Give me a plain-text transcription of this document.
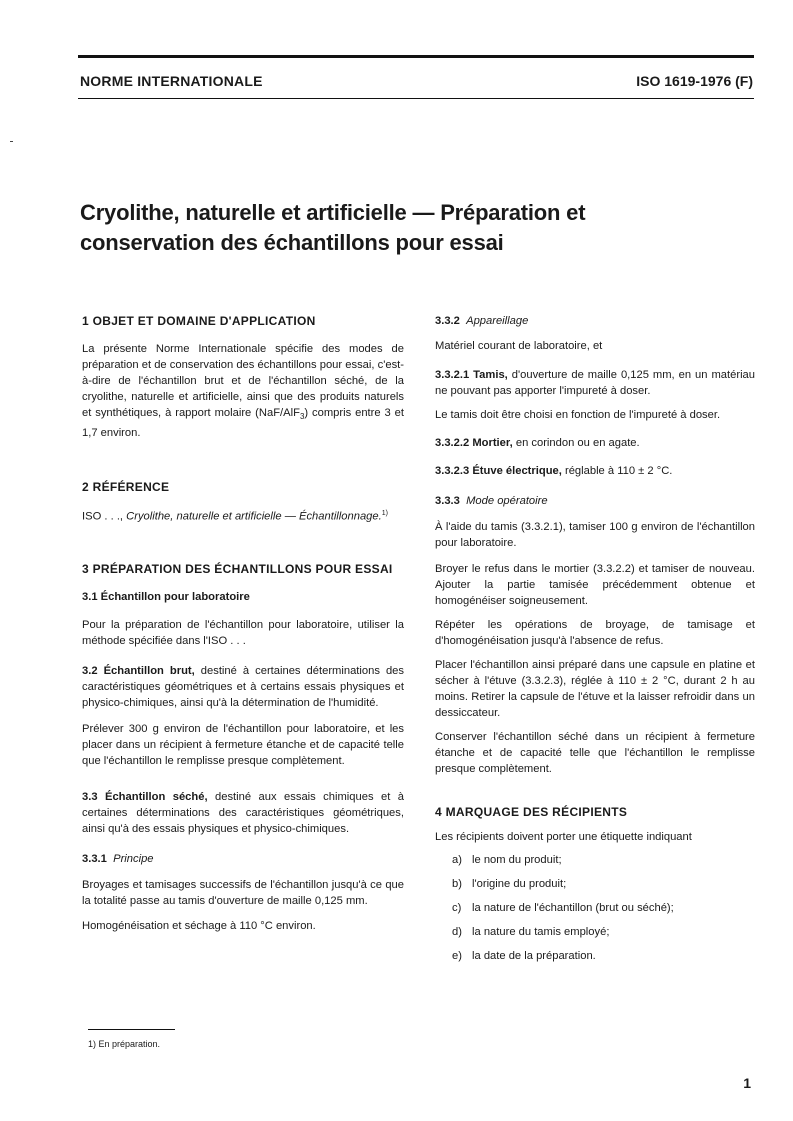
NORME INTERNATIONALE	ISO 1619-1976 (F)
Cryolithe, naturelle et artificielle — Préparation et
conservation des échantillons pour essai
1 OBJET ET DOMAINE D'APPLICATION

La présente Norme Internationale spécifie des modes de préparation et de conservation des échantillons pour essai, c'est-à-dire de l'échantillon brut et de l'échantillon séché, de la cryolithe, naturelle et artificielle, ainsi que des produits naturels et synthétiques, à rapport molaire (NaF/AlF$_3$) compris entre 3 et 1,7 environ.

2 RÉFÉRENCE

ISO . . ., Cryolithe, naturelle et artificielle — Échantillonnage.$^{1)}$

3 PRÉPARATION DES ÉCHANTILLONS POUR ESSAI
3.1 Échantillon pour laboratoire

Pour la préparation de l'échantillon pour laboratoire, utiliser la méthode spécifiée dans l'ISO . . .

3.2 Échantillon brut, destiné à certaines déterminations des caractéristiques géométriques et à certains essais physiques et physico-chimiques, ainsi qu'à la détermination de l'humidité.

Prélever 300 g environ de l'échantillon pour laboratoire, et les placer dans un récipient à fermeture étanche et de capacité telle que l'échantillon le remplisse presque complètement.

3.3 Échantillon séché, destiné aux essais chimiques et à certaines déterminations des caractéristiques géométriques, ainsi qu'à des essais physiques et physico-chimiques.

3.3.1 Principe

Broyages et tamisages successifs de l'échantillon jusqu'à ce que la totalité passe au tamis d'ouverture de maille 0,125 mm.

Homogénéisation et séchage à 110 °C environ.

3.3.2 Appareillage

Matériel courant de laboratoire, et

3.3.2.1 Tamis, d'ouverture de maille 0,125 mm, en un matériau ne pouvant pas apporter l'impureté à doser.

Le tamis doit être choisi en fonction de l'impureté à doser.

3.3.2.2 Mortier, en corindon ou en agate.

3.3.2.3 Étuve électrique, réglable à 110 ± 2 °C.

3.3.3 Mode opératoire

À l'aide du tamis (3.3.2.1), tamiser 100 g environ de l'échantillon pour laboratoire.

Broyer le refus dans le mortier (3.3.2.2) et tamiser de nouveau. Ajouter la partie tamisée précédemment obtenue et homogénéiser soigneusement.

Répéter les opérations de broyage, de tamisage et d'homogénéisation jusqu'à l'absence de refus.

Placer l'échantillon ainsi préparé dans une capsule en platine et sécher à l'étuve (3.3.2.3), réglée à 110 ± 2 °C, durant 2 h au moins. Retirer la capsule de l'étuve et la laisser refroidir dans un dessiccateur.

Conserver l'échantillon séché dans un récipient à fermeture étanche et de capacité telle que l'échantillon le remplisse presque complètement.

4 MARQUAGE DES RÉCIPIENTS

Les récipients doivent porter une étiquette indiquant

a) le nom du produit;
b) l'origine du produit;
c) la nature de l'échantillon (brut ou séché);
d) la nature du tamis employé;
e) la date de la préparation.
1) En préparation.
1
